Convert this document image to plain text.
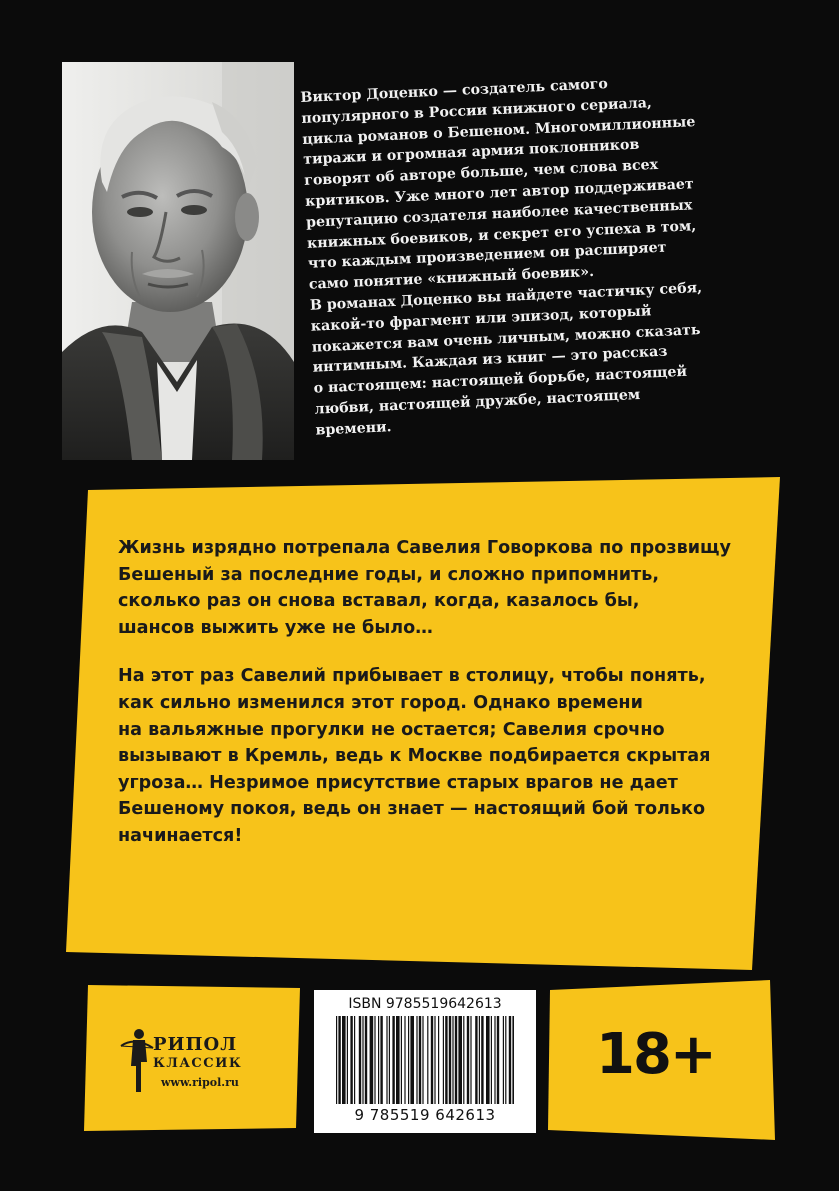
Виктор Доценко — создатель самого
популярного в России книжного сериала,
цикла романов о Бешеном. Многомиллионные
тиражи и огромная армия поклонников
говорят об авторе больше, чем слова всех
критиков. Уже много лет автор поддерживает
репутацию создателя наиболее качественных
книжных боевиков, и секрет его успеха в том,
что каждым произведением он расширяет
само понятие «книжный боевик».
В романах Доценко вы найдете частичку себя,
какой-то фрагмент или эпизод, который
покажется вам очень личным, можно сказать
интимным. Каждая из книг — это рассказ
о настоящем: настоящей борьбе, настоящей
любви, настоящей дружбе, настоящем
времени.

Жизнь изрядно потрепала Савелия Говоркова по прозвищу
Бешеный за последние годы, и сложно припомнить,
сколько раз он снова вставал, когда, казалось бы,
шансов выжить уже не было…

На этот раз Савелий прибывает в столицу, чтобы понять,
как сильно изменился этот город. Однако времени
на вальяжные прогулки не остается; Савелия срочно
вызывают в Кремль, ведь к Москве подбирается скрытая
угроза… Незримое присутствие старых врагов не дает
Бешеному покоя, ведь он знает — настоящий бой только
начинается!

РИПОЛ
КЛАССИК
www.ripol.ru
ISBN 9785519642613
9 785519 642613
18+
